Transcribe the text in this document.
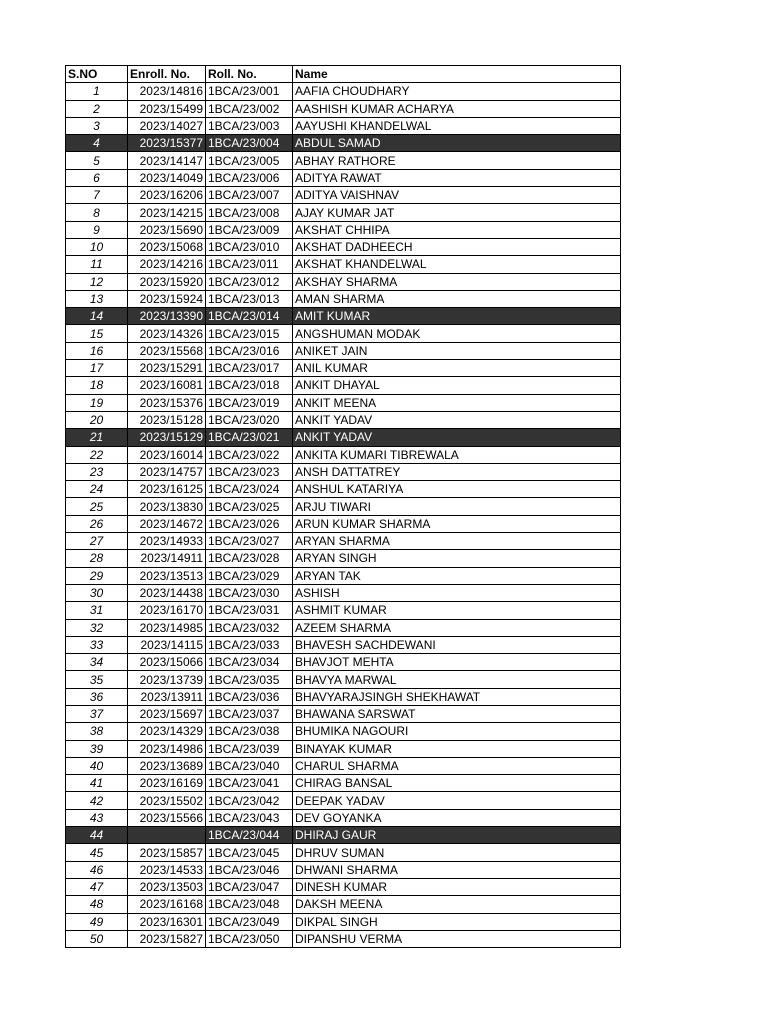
S.NO	Enroll. No.	Roll. No.	Name
1	2023/14816	1BCA/23/001	AAFIA CHOUDHARY
2	2023/15499	1BCA/23/002	AASHISH KUMAR ACHARYA
3	2023/14027	1BCA/23/003	AAYUSHI KHANDELWAL
4	2023/15377	1BCA/23/004	ABDUL SAMAD
5	2023/14147	1BCA/23/005	ABHAY RATHORE
6	2023/14049	1BCA/23/006	ADITYA RAWAT
7	2023/16206	1BCA/23/007	ADITYA VAISHNAV
8	2023/14215	1BCA/23/008	AJAY KUMAR JAT
9	2023/15690	1BCA/23/009	AKSHAT CHHIPA
10	2023/15068	1BCA/23/010	AKSHAT DADHEECH
11	2023/14216	1BCA/23/011	AKSHAT KHANDELWAL
12	2023/15920	1BCA/23/012	AKSHAY SHARMA
13	2023/15924	1BCA/23/013	AMAN SHARMA
14	2023/13390	1BCA/23/014	AMIT KUMAR
15	2023/14326	1BCA/23/015	ANGSHUMAN MODAK
16	2023/15568	1BCA/23/016	ANIKET JAIN
17	2023/15291	1BCA/23/017	ANIL KUMAR
18	2023/16081	1BCA/23/018	ANKIT DHAYAL
19	2023/15376	1BCA/23/019	ANKIT MEENA
20	2023/15128	1BCA/23/020	ANKIT YADAV
21	2023/15129	1BCA/23/021	ANKIT YADAV
22	2023/16014	1BCA/23/022	ANKITA KUMARI TIBREWALA
23	2023/14757	1BCA/23/023	ANSH DATTATREY
24	2023/16125	1BCA/23/024	ANSHUL KATARIYA
25	2023/13830	1BCA/23/025	ARJU TIWARI
26	2023/14672	1BCA/23/026	ARUN KUMAR SHARMA
27	2023/14933	1BCA/23/027	ARYAN SHARMA
28	2023/14911	1BCA/23/028	ARYAN SINGH
29	2023/13513	1BCA/23/029	ARYAN TAK
30	2023/14438	1BCA/23/030	ASHISH
31	2023/16170	1BCA/23/031	ASHMIT KUMAR
32	2023/14985	1BCA/23/032	AZEEM SHARMA
33	2023/14115	1BCA/23/033	BHAVESH SACHDEWANI
34	2023/15066	1BCA/23/034	BHAVJOT MEHTA
35	2023/13739	1BCA/23/035	BHAVYA MARWAL
36	2023/13911	1BCA/23/036	BHAVYARAJSINGH SHEKHAWAT
37	2023/15697	1BCA/23/037	BHAWANA SARSWAT
38	2023/14329	1BCA/23/038	BHUMIKA NAGOURI
39	2023/14986	1BCA/23/039	BINAYAK KUMAR
40	2023/13689	1BCA/23/040	CHARUL SHARMA
41	2023/16169	1BCA/23/041	CHIRAG BANSAL
42	2023/15502	1BCA/23/042	DEEPAK YADAV
43	2023/15566	1BCA/23/043	DEV GOYANKA
44		1BCA/23/044	DHIRAJ GAUR
45	2023/15857	1BCA/23/045	DHRUV SUMAN
46	2023/14533	1BCA/23/046	DHWANI SHARMA
47	2023/13503	1BCA/23/047	DINESH KUMAR
48	2023/16168	1BCA/23/048	DAKSH MEENA
49	2023/16301	1BCA/23/049	DIKPAL SINGH
50	2023/15827	1BCA/23/050	DIPANSHU VERMA
